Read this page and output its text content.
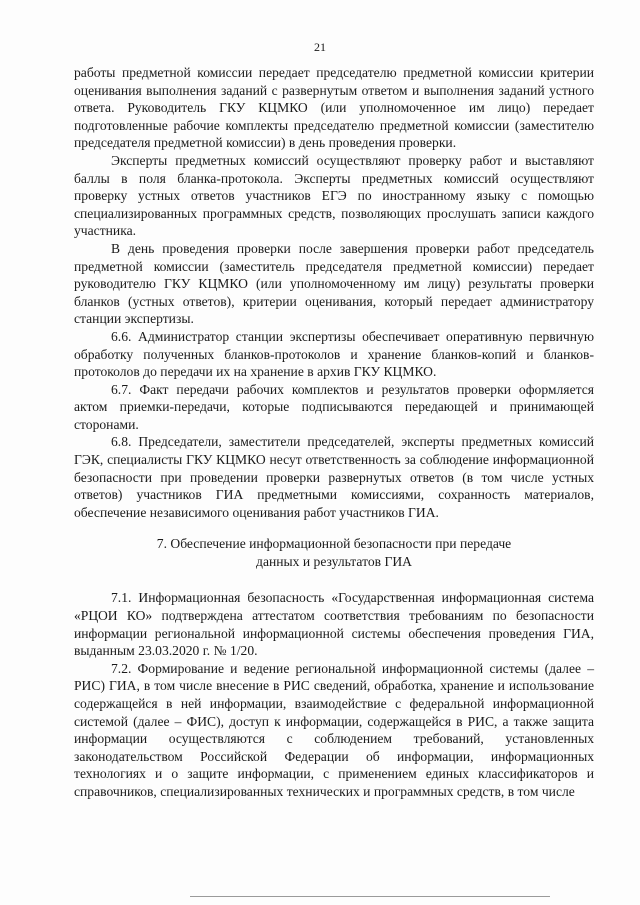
21

работы предметной комиссии передает председателю предметной комиссии критерии оценивания выполнения заданий с развернутым ответом и выполнения заданий устного ответа. Руководитель ГКУ КЦМКО (или уполномоченное им лицо) передает подготовленные рабочие комплекты председателю предметной комиссии (заместителю председателя предметной комиссии) в день проведения проверки.

Эксперты предметных комиссий осуществляют проверку работ и выставляют баллы в поля бланка-протокола. Эксперты предметных комиссий осуществляют проверку устных ответов участников ЕГЭ по иностранному языку с помощью специализированных программных средств, позволяющих прослушать записи каждого участника.

В день проведения проверки после завершения проверки работ председатель предметной комиссии (заместитель председателя предметной комиссии) передает руководителю ГКУ КЦМКО (или уполномоченному им лицу) результаты проверки бланков (устных ответов), критерии оценивания, который передает администратору станции экспертизы.

6.6. Администратор станции экспертизы обеспечивает оперативную первичную обработку полученных бланков-протоколов и хранение бланков-копий и бланков-протоколов до передачи их на хранение в архив ГКУ КЦМКО.

6.7. Факт передачи рабочих комплектов и результатов проверки оформляется актом приемки-передачи, которые подписываются передающей и принимающей сторонами.

6.8. Председатели, заместители председателей, эксперты предметных комиссий ГЭК, специалисты ГКУ КЦМКО несут ответственность за соблюдение информационной безопасности при проведении проверки развернутых ответов (в том числе устных ответов) участников ГИА предметными комиссиями, сохранность материалов, обеспечение независимого оценивания работ участников ГИА.

7. Обеспечение информационной безопасности при передаче
данных и результатов ГИА

7.1. Информационная безопасность «Государственная информационная система «РЦОИ КО» подтверждена аттестатом соответствия требованиям по безопасности информации региональной информационной системы обеспечения проведения ГИА, выданным 23.03.2020 г. № 1/20.

7.2. Формирование и ведение региональной информационной системы (далее – РИС) ГИА, в том числе внесение в РИС сведений, обработка, хранение и использование содержащейся в ней информации, взаимодействие с федеральной информационной системой (далее – ФИС), доступ к информации, содержащейся в РИС, а также защита информации осуществляются с соблюдением требований, установленных законодательством Российской Федерации об информации, информационных технологиях и о защите информации, с применением единых классификаторов и справочников, специализированных технических и программных средств, в том числе
